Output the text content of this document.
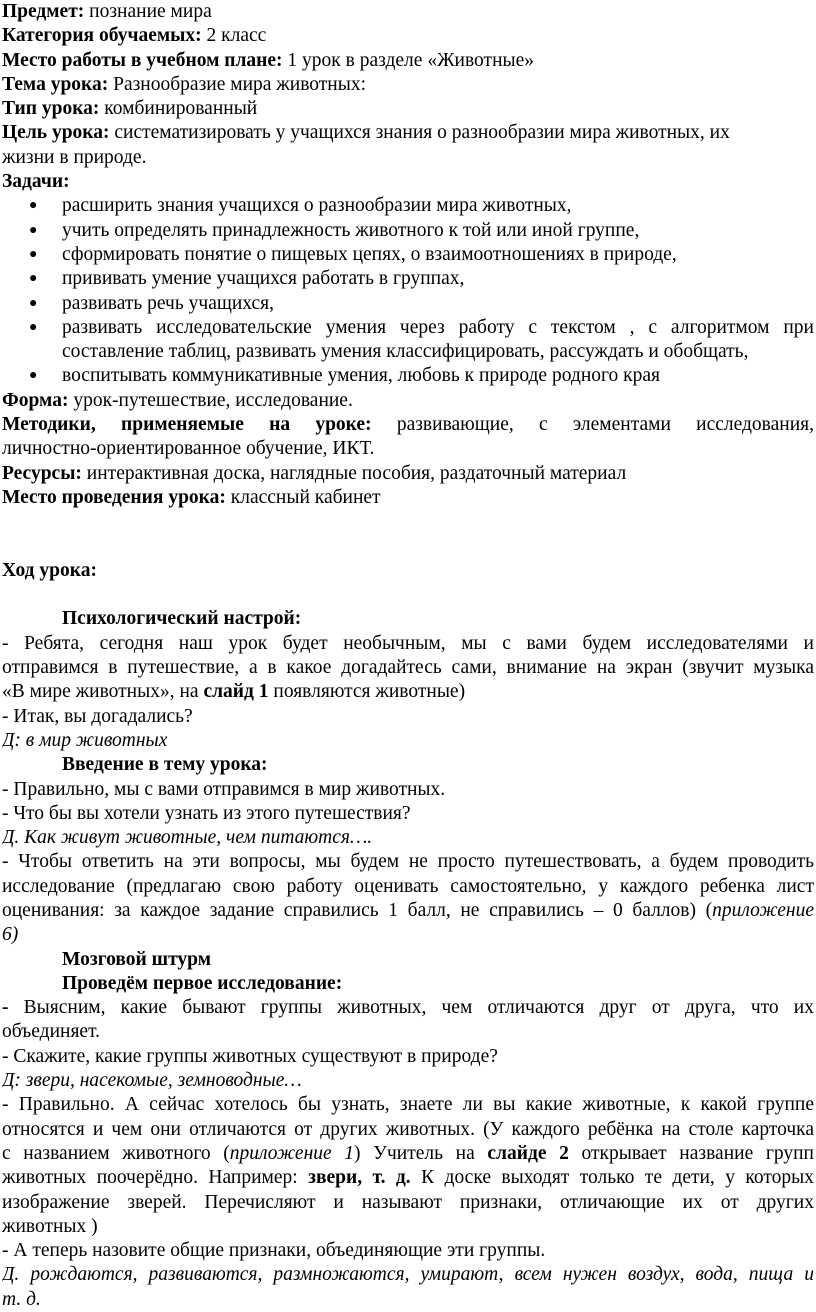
Предмет: познание мира
Категория обучаемых: 2 класс
Место работы в учебном плане: 1 урок в разделе «Животные»
Тема урока: Разнообразие мира животных:
Тип урока: комбинированный
Цель урока: систематизировать у учащихся знания о разнообразии мира животных, их
жизни в природе.
Задачи:
● расширить знания учащихся о разнообразии мира животных,
● учить определять принадлежность животного к той или иной группе,
● сформировать понятие о пищевых цепях, о взаимоотношениях в природе,
● прививать умение учащихся работать в группах,
● развивать речь учащихся,
● развивать исследовательские умения через работу с текстом , с алгоритмом при
составление таблиц, развивать умения классифицировать, рассуждать и обобщать,
● воспитывать коммуникативные умения, любовь к природе родного края
Форма: урок-путешествие, исследование.
Методики, применяемые на уроке: развивающие, с элементами исследования,
личностно-ориентированное обучение, ИКТ.
Ресурсы: интерактивная доска, наглядные пособия, раздаточный материал
Место проведения урока: классный кабинет
Ход урока:
Психологический настрой:
- Ребята, сегодня наш урок будет необычным, мы с вами будем исследователями и
отправимся в путешествие, а в какое догадайтесь сами, внимание на экран (звучит музыка
«В мире животных», на слайд 1 появляются животные)
- Итак, вы догадались?
Д: в мир животных
Введение в тему урока:
- Правильно, мы с вами отправимся в мир животных.
- Что бы вы хотели узнать из этого путешествия?
Д. Как живут животные, чем питаются….
- Чтобы ответить на эти вопросы, мы будем не просто путешествовать, а будем проводить
исследование (предлагаю свою работу оценивать самостоятельно, у каждого ребенка лист
оценивания: за каждое задание справились 1 балл, не справились – 0 баллов) (приложение
6)
Мозговой штурм
Проведём первое исследование:
- Выясним, какие бывают группы животных, чем отличаются друг от друга, что их
объединяет.
- Скажите, какие группы животных существуют в природе?
Д: звери, насекомые, земноводные…
- Правильно. А сейчас хотелось бы узнать, знаете ли вы какие животные, к какой группе
относятся и чем они отличаются от других животных. (У каждого ребёнка на столе карточка
с названием животного (приложение 1) Учитель на слайде 2 открывает название групп
животных поочерёдно. Например: звери, т. д. К доске выходят только те дети, у которых
изображение зверей. Перечисляют и называют признаки, отличающие их от других
животных )
- А теперь назовите общие признаки, объединяющие эти группы.
Д. рождаются, развиваются, размножаются, умирают, всем нужен воздух, вода, пища и
т. д.
